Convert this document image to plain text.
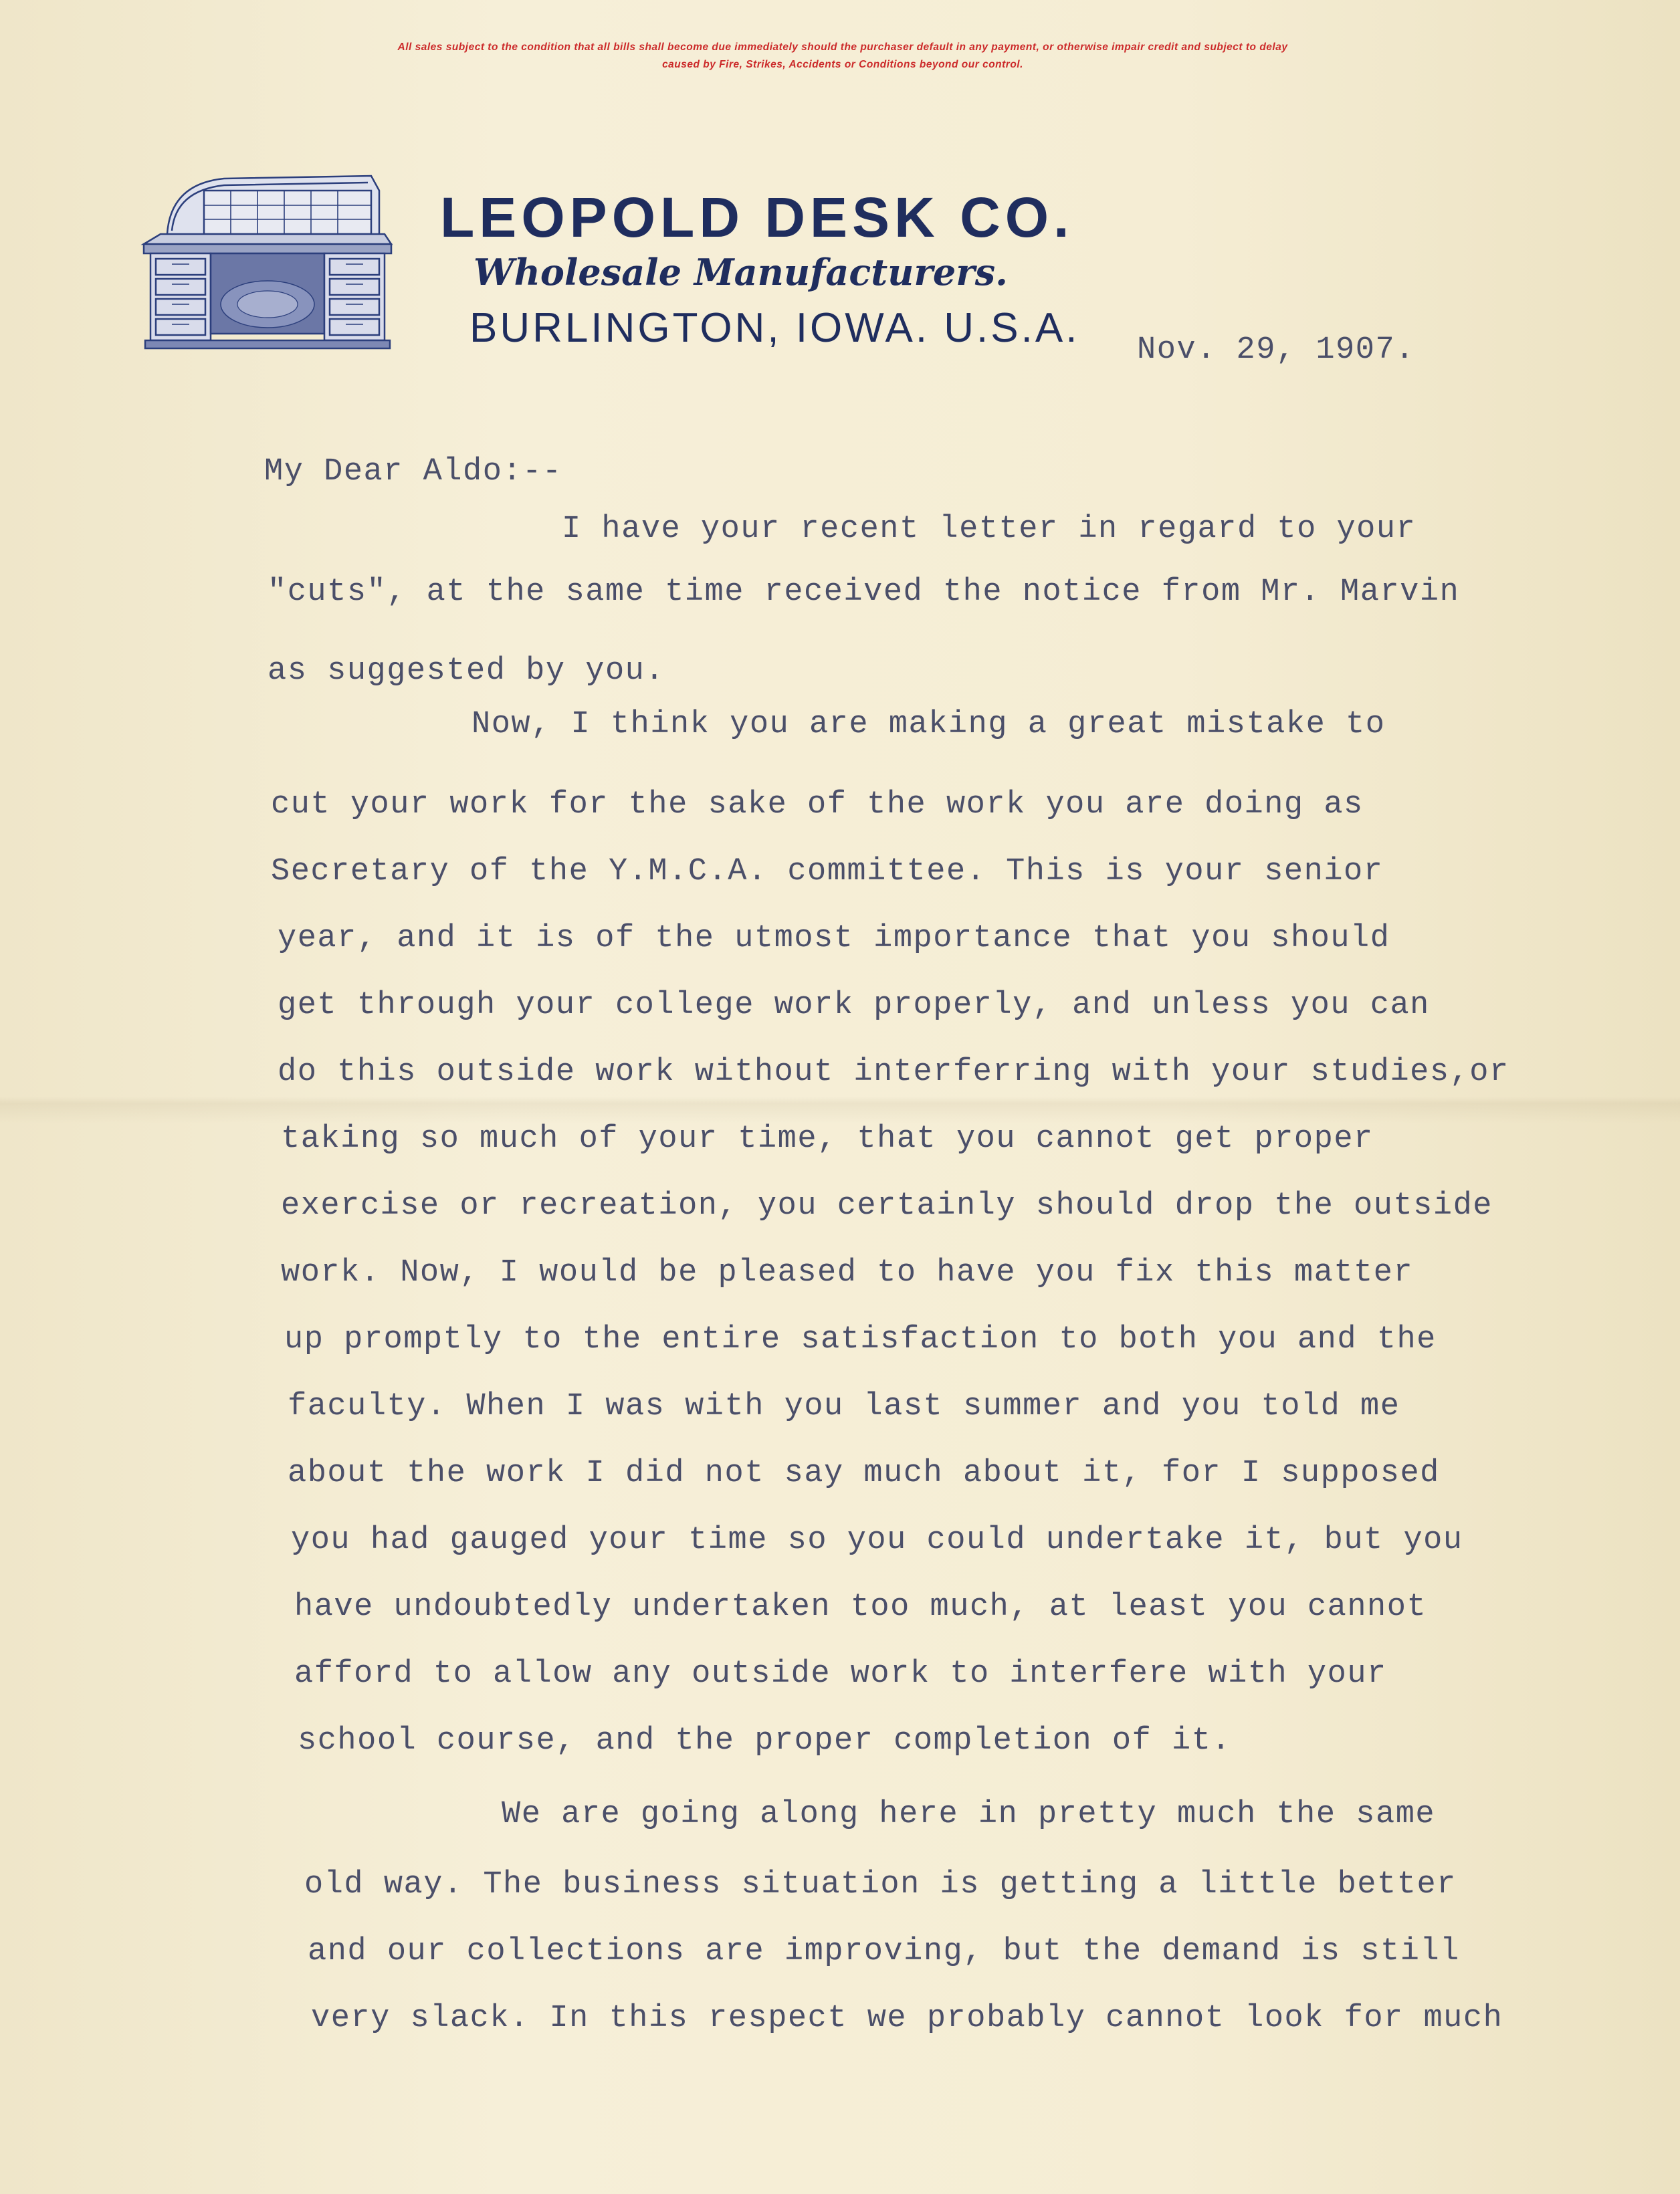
All sales subject to the condition that all bills shall become due immediately should the purchaser default in any payment, or otherwise impair credit and subject to delay
caused by Fire, Strikes, Accidents or Conditions beyond our control.
LEOPOLD DESK CO.
Wholesale Manufacturers.
BURLINGTON, IOWA. U.S.A. Nov. 29, 1907.
My Dear Aldo:--
I have your recent letter in regard to your
"cuts", at the same time received the notice from Mr. Marvin
as suggested by you.
Now, I think you are making a great mistake to
cut your work for the sake of the work you are doing as
Secretary of the Y.M.C.A. committee. This is your senior
year, and it is of the utmost importance that you should
get through your college work properly, and unless you can
do this outside work without interferring with your studies,or
taking so much of your time, that you cannot get proper
exercise or recreation, you certainly should drop the outside
work. Now, I would be pleased to have you fix this matter
up promptly to the entire satisfaction to both you and the
faculty. When I was with you last summer and you told me
about the work I did not say much about it, for I supposed
you had gauged your time so you could undertake it, but you
have undoubtedly undertaken too much, at least you cannot
afford to allow any outside work to interfere with your
school course, and the proper completion of it.
We are going along here in pretty much the same
old way. The business situation is getting a little better
and our collections are improving, but the demand is still
very slack. In this respect we probably cannot look for much
